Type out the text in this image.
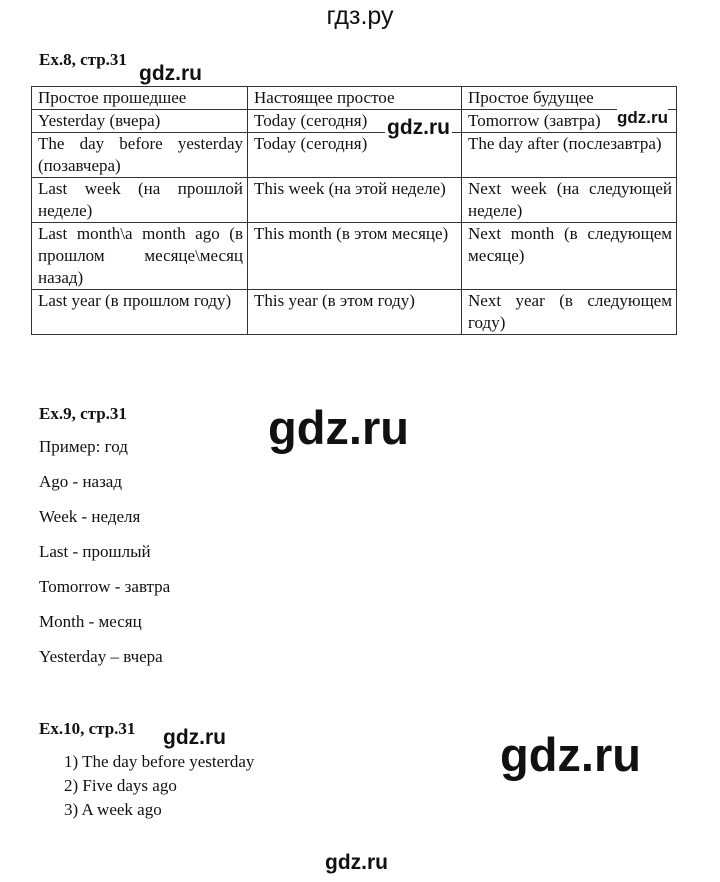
гдз.ру
Ex.8, стр.31
gdz.ru
Простое прошедшее	Настоящее простое	Простое будущее
Yesterday (вчера)	Today (сегодня)	Tomorrow (завтра)
The day before yesterday (позавчера)	Today (сегодня)	The day after (послезавтра)
Last week (на прошлой неделе)	This week (на этой неделе)	Next week (на следующей неделе)
Last month\a month ago (в прошлом месяце\месяц назад)	This month (в этом месяце)	Next month (в следующем месяце)
Last year (в прошлом году)	This year (в этом году)	Next year (в следующем году)
gdz.ru	gdz.ru
Ex.9, стр.31	gdz.ru
Пример: год
Ago - назад
Week - неделя
Last - прошлый
Tomorrow - завтра
Month - месяц
Yesterday – вчера
Ex.10, стр.31 gdz.ru	gdz.ru
1) The day before yesterday
2) Five days ago
3) A week ago
gdz.ru
